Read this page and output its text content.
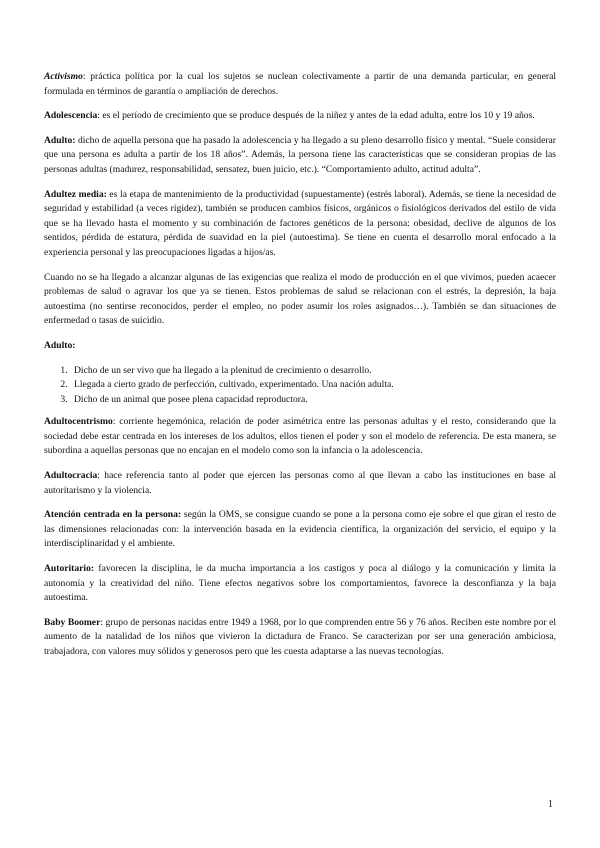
Activismo: práctica política por la cual los sujetos se nuclean colectivamente a partir de una demanda particular, en general formulada en términos de garantía o ampliación de derechos.

Adolescencia: es el período de crecimiento que se produce después de la niñez y antes de la edad adulta, entre los 10 y 19 años.

Adulto: dicho de aquella persona que ha pasado la adolescencia y ha llegado a su pleno desarrollo físico y mental. “Suele considerar que una persona es adulta a partir de los 18 años”. Además, la persona tiene las características que se consideran propias de las personas adultas (madurez, responsabilidad, sensatez, buen juicio, etc.). “Comportamiento adulto, actitud adulta”.

Adultez media: es la etapa de mantenimiento de la productividad (supuestamente) (estrés laboral). Además, se tiene la necesidad de seguridad y estabilidad (a veces rigidez), también se producen cambios físicos, orgánicos o fisiológicos derivados del estilo de vida que se ha llevado hasta el momento y su combinación de factores genéticos de la persona: obesidad, declive de algunos de los sentidos, pérdida de estatura, pérdida de suavidad en la piel (autoestima). Se tiene en cuenta el desarrollo moral enfocado a la experiencia personal y las preocupaciones ligadas a hijos/as.

Cuando no se ha llegado a alcanzar algunas de las exigencias que realiza el modo de producción en el que vivimos, pueden acaecer problemas de salud o agravar los que ya se tienen. Estos problemas de salud se relacionan con el estrés, la depresión, la baja autoestima (no sentirse reconocidos, perder el empleo, no poder asumir los roles asignados…). También se dan situaciones de enfermedad o tasas de suicidio.

Adulto:

1. Dicho de un ser vivo que ha llegado a la plenitud de crecimiento o desarrollo.
2. Llegada a cierto grado de perfección, cultivado, experimentado. Una nación adulta.
3. Dicho de un animal que posee plena capacidad reproductora.

Adultocentrismo: corriente hegemónica, relación de poder asimétrica entre las personas adultas y el resto, considerando que la sociedad debe estar centrada en los intereses de los adultos, ellos tienen el poder y son el modelo de referencia. De esta manera, se subordina a aquellas personas que no encajan en el modelo como son la infancia o la adolescencia.

Adultocracia: hace referencia tanto al poder que ejercen las personas como al que llevan a cabo las instituciones en base al autoritarismo y la violencia.

Atención centrada en la persona: según la OMS, se consigue cuando se pone a la persona como eje sobre el que giran el resto de las dimensiones relacionadas con: la intervención basada en la evidencia científica, la organización del servicio, el equipo y la interdisciplinaridad y el ambiente.

Autoritario: favorecen la disciplina, le da mucha importancia a los castigos y poca al diálogo y la comunicación y limita la autonomía y la creatividad del niño. Tiene efectos negativos sobre los comportamientos, favorece la desconfianza y la baja autoestima.

Baby Boomer: grupo de personas nacidas entre 1949 a 1968, por lo que comprenden entre 56 y 76 años. Reciben este nombre por el aumento de la natalidad de los niños que vivieron la dictadura de Franco. Se caracterizan por ser una generación ambiciosa, trabajadora, con valores muy sólidos y generosos pero que les cuesta adaptarse a las nuevas tecnologías.

1
